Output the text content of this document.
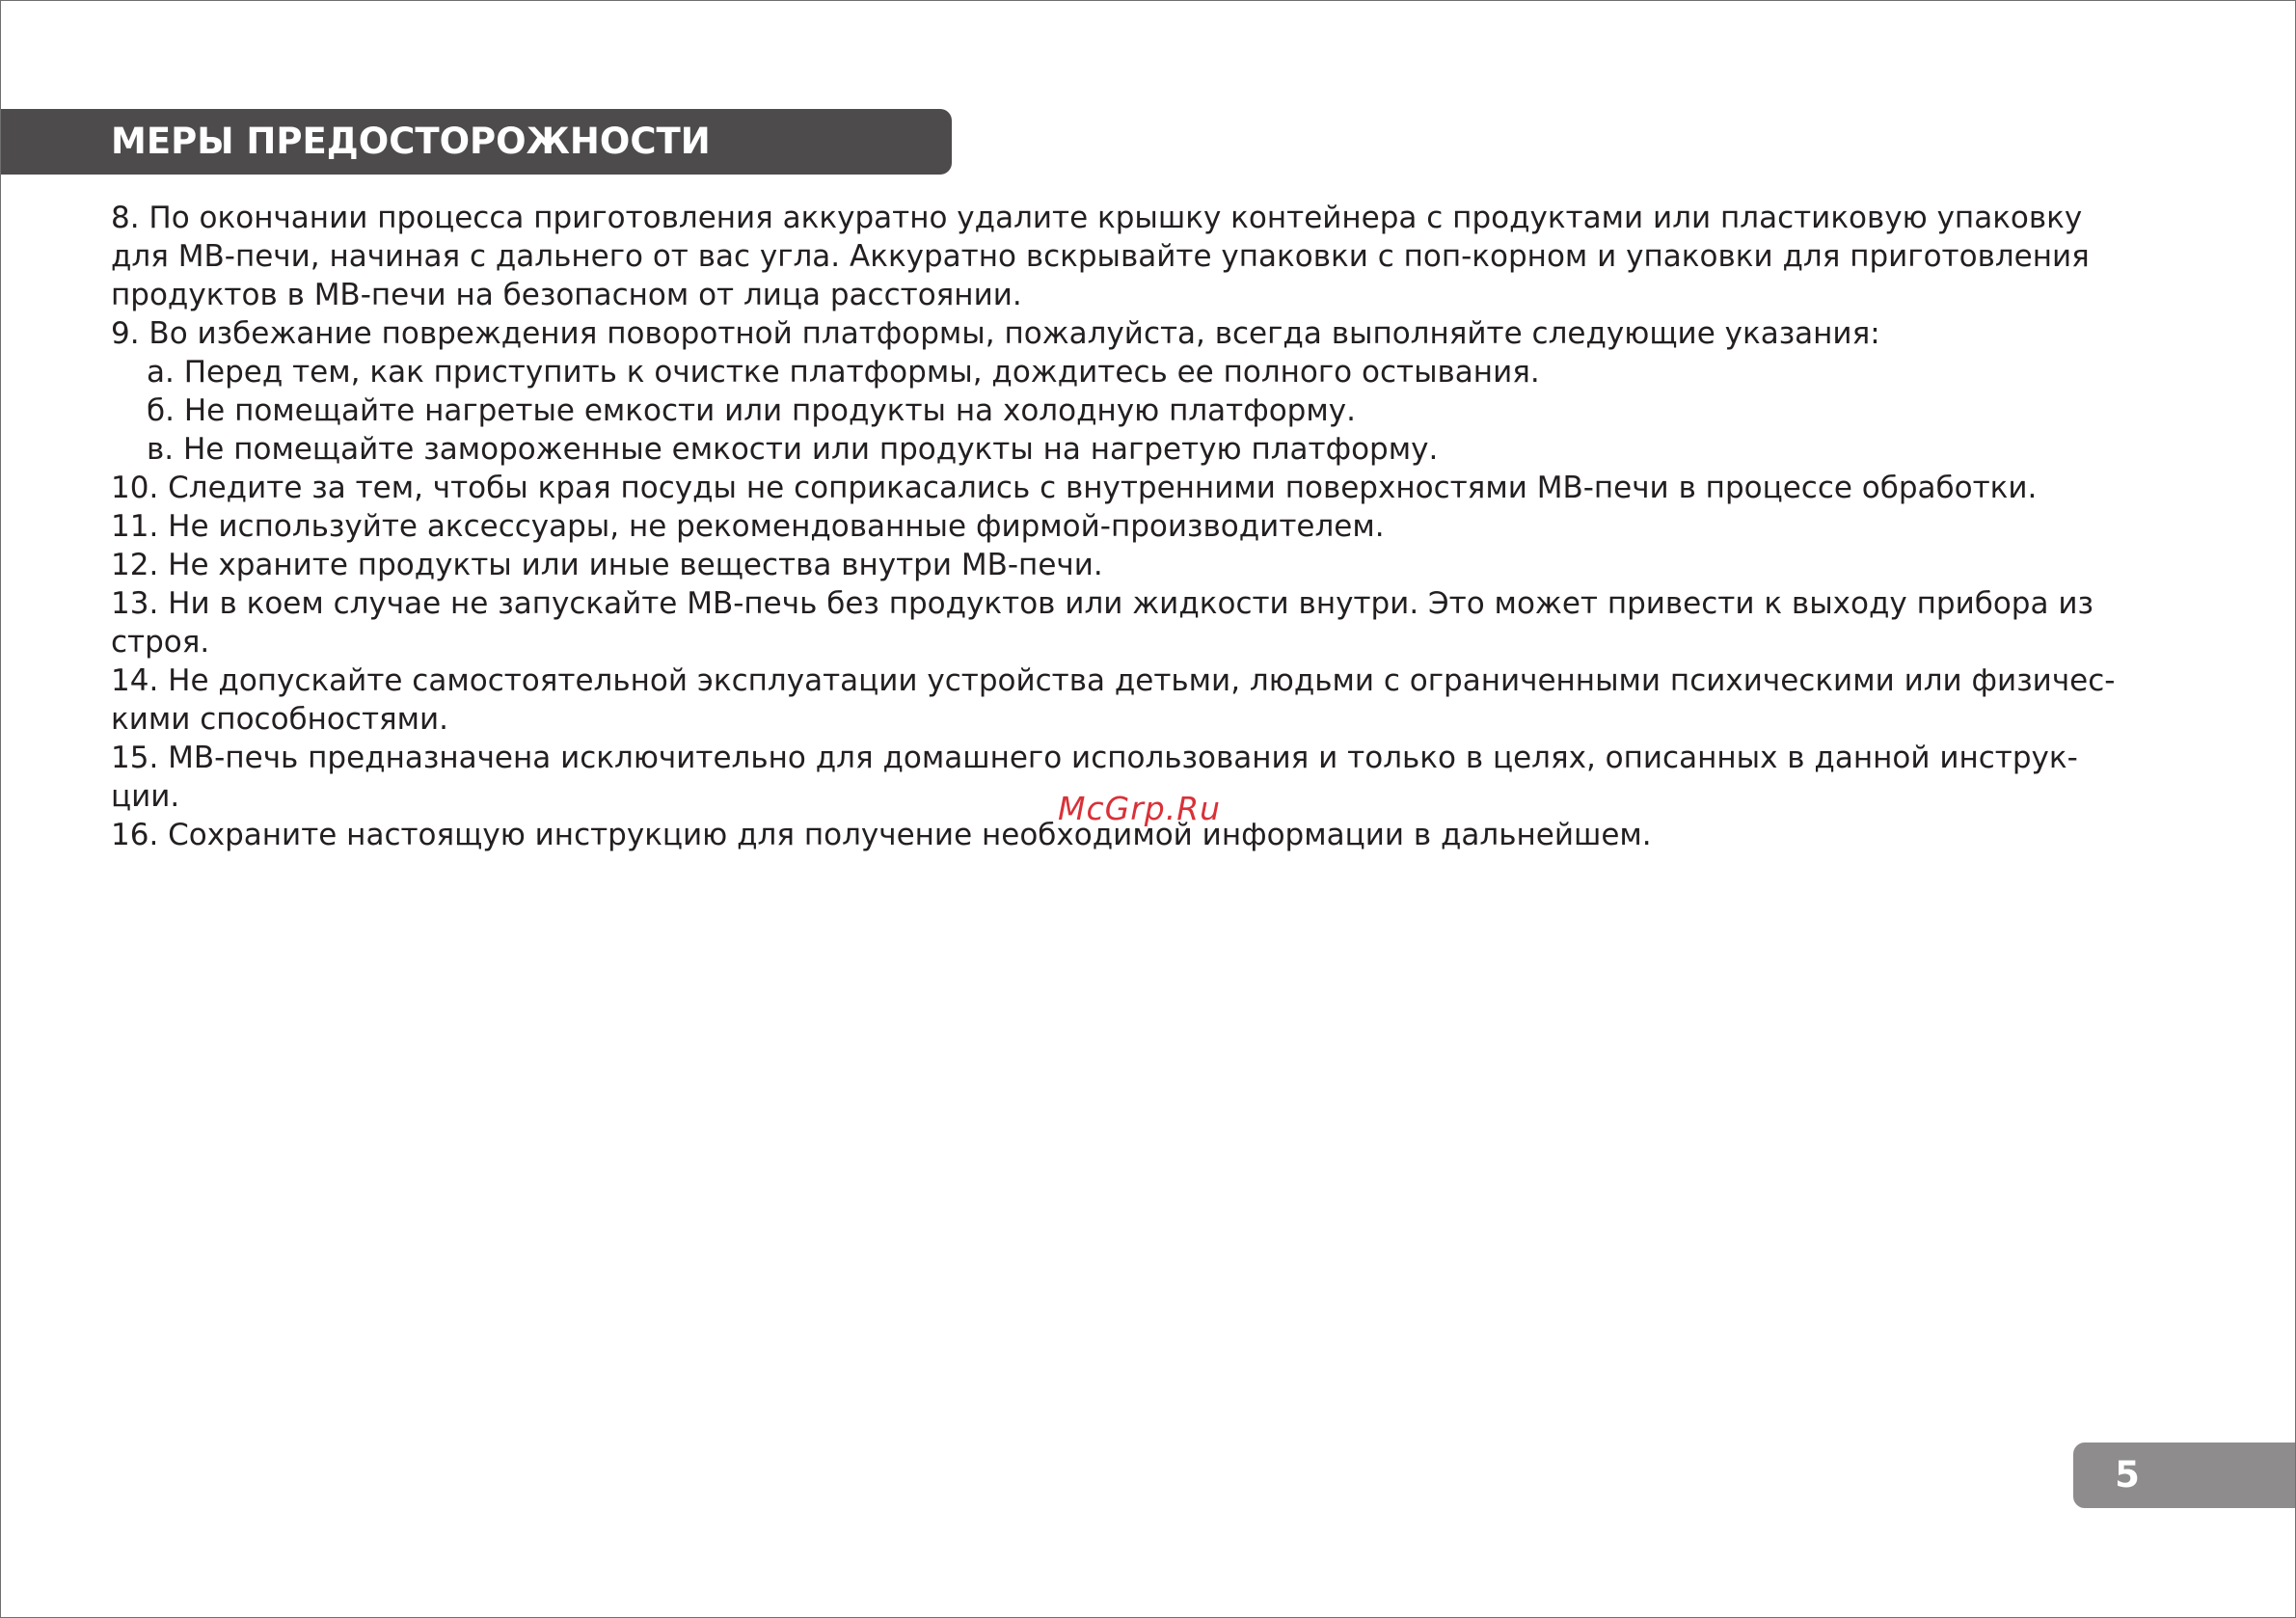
МЕРЫ ПРЕДОСТОРОЖНОСТИ
8. По окончании процесса приготовления аккуратно удалите крышку контейнера с продуктами или пластиковую упаковку
для МВ-печи, начиная с дальнего от вас угла. Аккуратно вскрывайте упаковки с поп-корном и упаковки для приготовления
продуктов в МВ-печи на безопасном от лица расстоянии.
9. Во избежание повреждения поворотной платформы, пожалуйста, всегда выполняйте следующие указания:
а. Перед тем, как приступить к очистке платформы, дождитесь ее полного остывания.
б. Не помещайте нагретые емкости или продукты на холодную платформу.
в. Не помещайте замороженные емкости или продукты на нагретую платформу.
10. Следите за тем, чтобы края посуды не соприкасались с внутренними поверхностями МВ-печи в процессе обработки.
11. Не используйте аксессуары, не рекомендованные фирмой-производителем.
12. Не храните продукты или иные вещества внутри МВ-печи.
13. Ни в коем случае не запускайте МВ-печь без продуктов или жидкости внутри. Это может привести к выходу прибора из
строя.
14. Не допускайте самостоятельной эксплуатации устройства детьми, людьми с ограниченными психическими или физичес-
кими способностями.
15. МВ-печь предназначена исключительно для домашнего использования и только в целях, описанных в данной инструк-
ции.
16. Сохраните настоящую инструкцию для получение необходимой информации в дальнейшем.
McGrp.Ru
5
